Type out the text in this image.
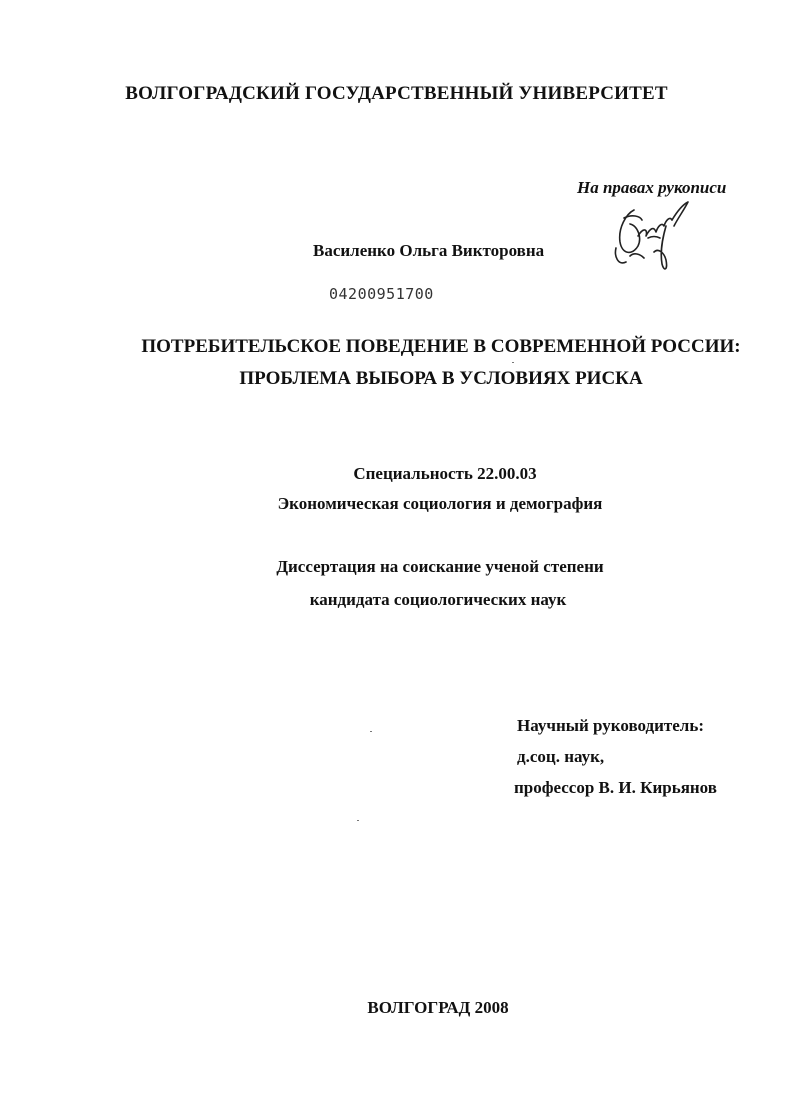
ВОЛГОГРАДСКИЙ ГОСУДАРСТВЕННЫЙ УНИВЕРСИТЕТ
На правах рукописи
Василенко Ольга Викторовна
04200951700
ПОТРЕБИТЕЛЬСКОЕ ПОВЕДЕНИЕ В СОВРЕМЕННОЙ РОССИИ:
ПРОБЛЕМА ВЫБОРА В УСЛОВИЯХ РИСКА
Специальность 22.00.03
Экономическая социология и демография
Диссертация на соискание ученой степени
кандидата социологических наук
Научный руководитель:
д.соц. наук,
профессор В. И. Кирьянов
ВОЛГОГРАД 2008
